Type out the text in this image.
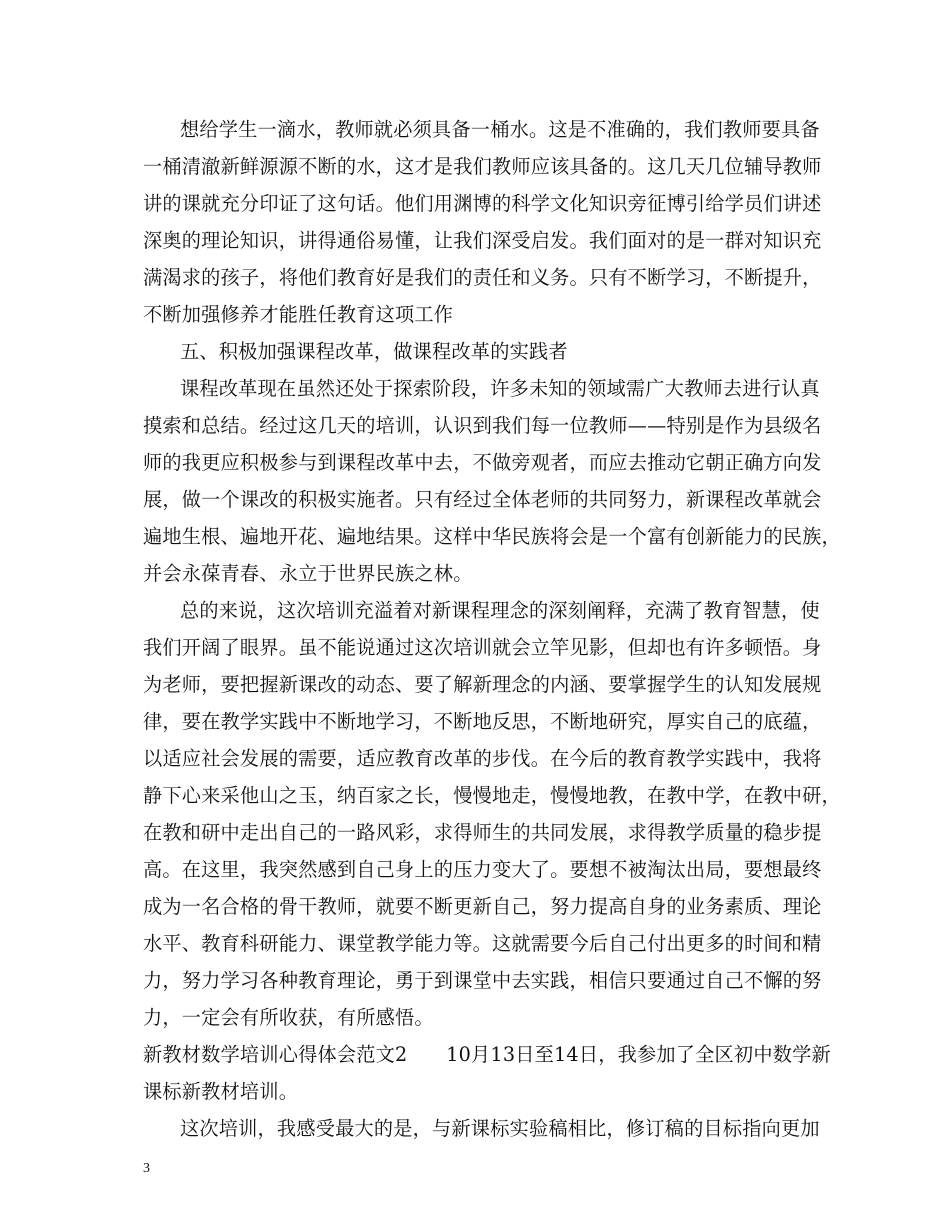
想给学生一滴水，教师就必须具备一桶水。这是不准确的，我们教师要具备
一桶清澈新鲜源源不断的水，这才是我们教师应该具备的。这几天几位辅导教师
讲的课就充分印证了这句话。他们用渊博的科学文化知识旁征博引给学员们讲述
深奥的理论知识，讲得通俗易懂，让我们深受启发。我们面对的是一群对知识充
满渴求的孩子，将他们教育好是我们的责任和义务。只有不断学习，不断提升，
不断加强修养才能胜任教育这项工作
五、积极加强课程改革，做课程改革的实践者
课程改革现在虽然还处于探索阶段，许多未知的领域需广大教师去进行认真
摸索和总结。经过这几天的培训，认识到我们每一位教师——特别是作为县级名
师的我更应积极参与到课程改革中去，不做旁观者，而应去推动它朝正确方向发
展，做一个课改的积极实施者。只有经过全体老师的共同努力，新课程改革就会
遍地生根、遍地开花、遍地结果。这样中华民族将会是一个富有创新能力的民族，
并会永葆青春、永立于世界民族之林。
总的来说，这次培训充溢着对新课程理念的深刻阐释，充满了教育智慧，使
我们开阔了眼界。虽不能说通过这次培训就会立竿见影，但却也有许多顿悟。身
为老师，要把握新课改的动态、要了解新理念的内涵、要掌握学生的认知发展规
律，要在教学实践中不断地学习，不断地反思，不断地研究，厚实自己的底蕴，
以适应社会发展的需要，适应教育改革的步伐。在今后的教育教学实践中，我将
静下心来采他山之玉，纳百家之长，慢慢地走，慢慢地教，在教中学，在教中研，
在教和研中走出自己的一路风彩，求得师生的共同发展，求得教学质量的稳步提
高。在这里，我突然感到自己身上的压力变大了。要想不被淘汰出局，要想最终
成为一名合格的骨干教师，就要不断更新自己，努力提高自身的业务素质、理论
水平、教育科研能力、课堂教学能力等。这就需要今后自己付出更多的时间和精
力，努力学习各种教育理论，勇于到课堂中去实践，相信只要通过自己不懈的努
力，一定会有所收获，有所感悟。
新教材数学培训心得体会范文2　　10月13日至14日，我参加了全区初中数学新
课标新教材培训。
这次培训，我感受最大的是，与新课标实验稿相比，修订稿的目标指向更加
3
